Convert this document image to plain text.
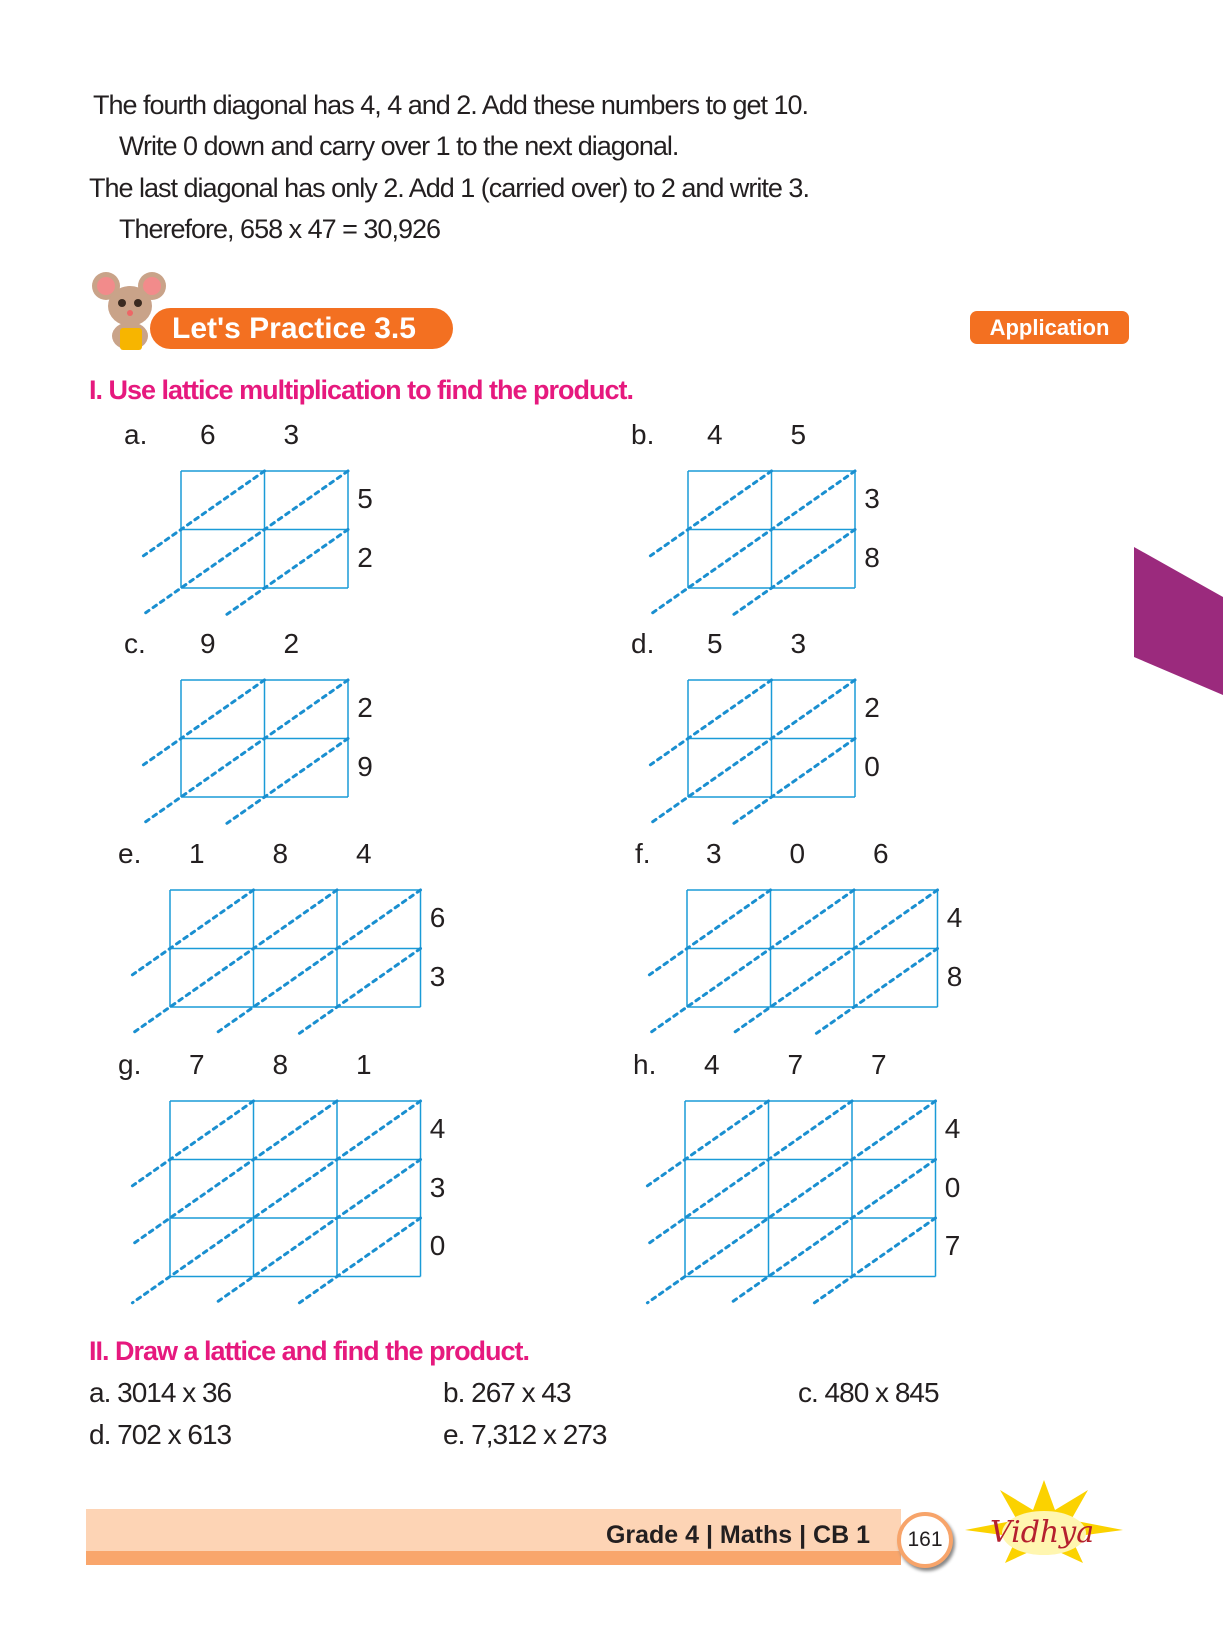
The fourth diagonal has 4, 4 and 2. Add these numbers to get 10.
Write 0 down and carry over 1 to the next diagonal.
The last diagonal has only 2. Add 1 (carried over) to 2 and write 3.
Therefore, 658 x 47 = 30,926
Let's Practice 3.5	Application
I. Use lattice multiplication to find the product.
a. 6 3
5
2
b. 4 5
3
8
c. 9 2
2
9
d. 5 3
2
0
e. 1 8 4
6
3
f. 3 0 6
4
8
g. 7 8 1
4
3
0
h. 4 7 7
4
0
7
II. Draw a lattice and find the product.
a. 3014 x 36	b. 267 x 43	c. 480 x 845
d. 702 x 613	e. 7,312 x 273
Grade 4 | Maths | CB 1	161	Vidhya
